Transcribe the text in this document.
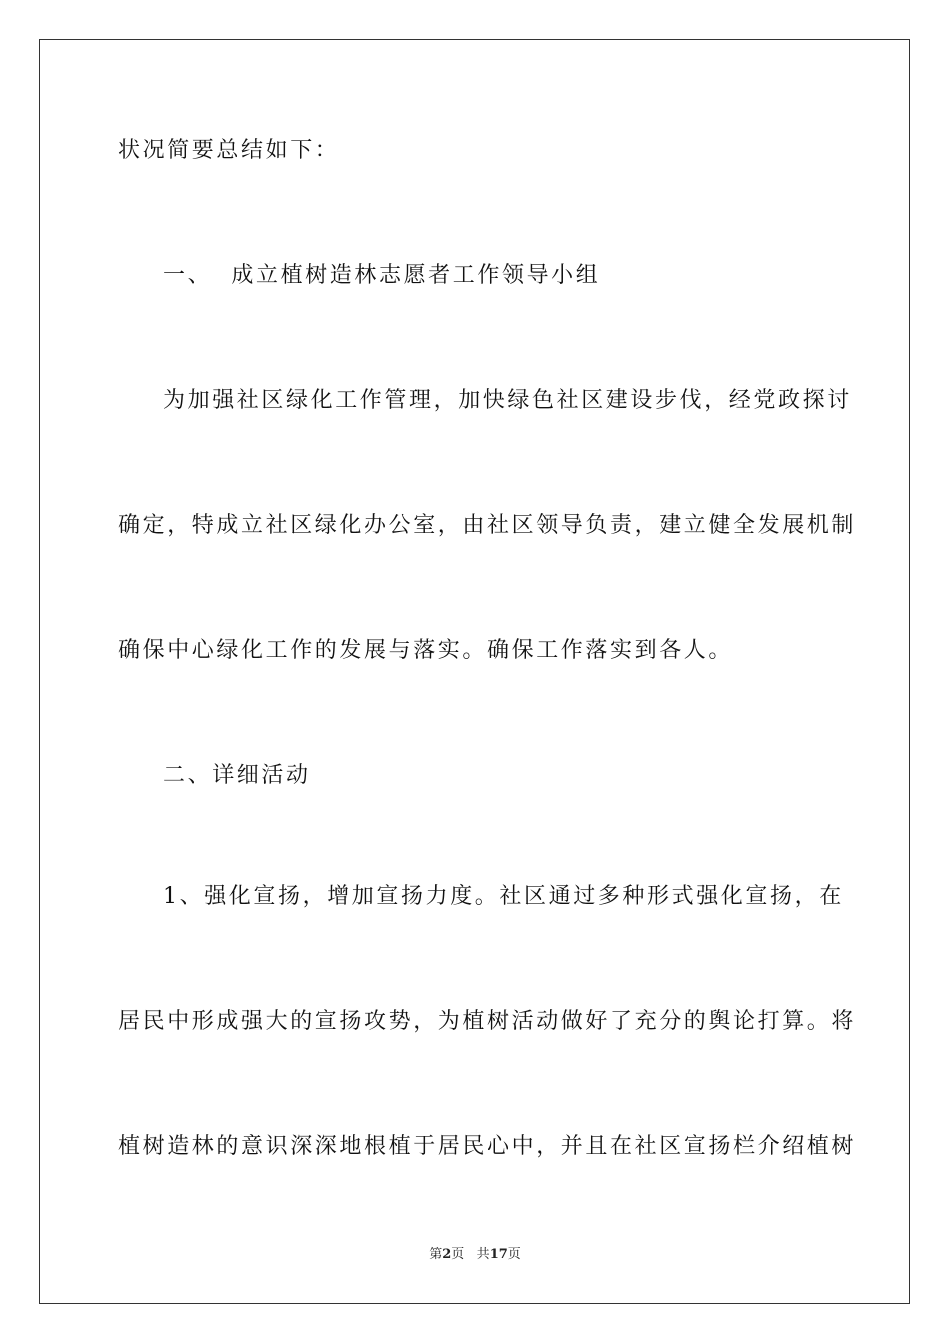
状况简要总结如下：
一、  成立植树造林志愿者工作领导小组
为加强社区绿化工作管理，加快绿色社区建设步伐，经党政探讨
确定，特成立社区绿化办公室，由社区领导负责，建立健全发展机制
确保中心绿化工作的发展与落实。确保工作落实到各人。
二、详细活动
1、强化宣扬，增加宣扬力度。社区通过多种形式强化宣扬，在
居民中形成强大的宣扬攻势，为植树活动做好了充分的舆论打算。将
植树造林的意识深深地根植于居民心中，并且在社区宣扬栏介绍植树
第2页 共17页
